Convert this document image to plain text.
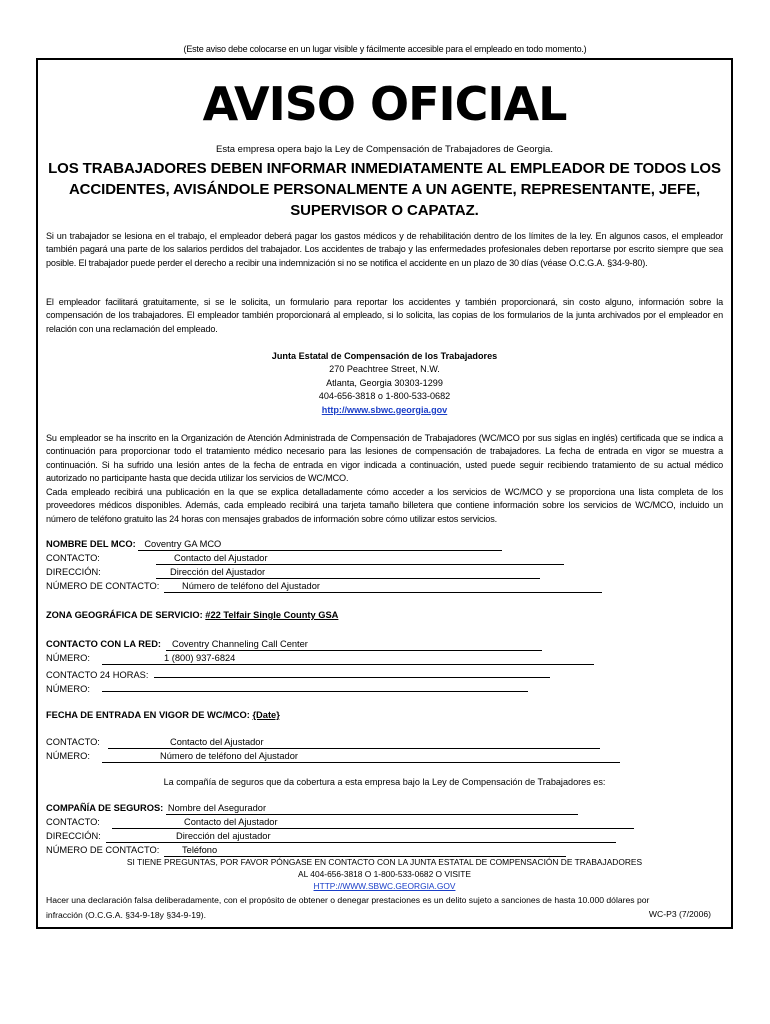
(Este aviso debe colocarse en un lugar visible y fácilmente accesible para el empleado en todo momento.)
AVISO OFICIAL
Esta empresa opera bajo la Ley de Compensación de Trabajadores de Georgia.
LOS TRABAJADORES DEBEN INFORMAR INMEDIATAMENTE AL EMPLEADOR DE TODOS LOS ACCIDENTES, AVISÁNDOLE PERSONALMENTE A UN AGENTE, REPRESENTANTE, JEFE, SUPERVISOR O CAPATAZ.
Si un trabajador se lesiona en el trabajo, el empleador deberá pagar los gastos médicos y de rehabilitación dentro de los límites de la ley. En algunos casos, el empleador también pagará una parte de los salarios perdidos del trabajador. Los accidentes de trabajo y las enfermedades profesionales deben reportarse por escrito siempre que sea posible. El trabajador puede perder el derecho a recibir una indemnización si no se notifica el accidente en un plazo de 30 días (véase O.C.G.A. §34-9-80).
El empleador facilitará gratuitamente, si se le solicita, un formulario para reportar los accidentes y también proporcionará, sin costo alguno, información sobre la compensación de los trabajadores. El empleador también proporcionará al empleado, si lo solicita, las copias de los formularios de la junta archivados por el empleador en relación con una reclamación del empleado.
Junta Estatal de Compensación de los Trabajadores
270 Peachtree Street, N.W.
Atlanta, Georgia 30303-1299
404-656-3818 o 1-800-533-0682
http://www.sbwc.georgia.gov
Su empleador se ha inscrito en la Organización de Atención Administrada de Compensación de Trabajadores (WC/MCO por sus siglas en inglés) certificada que se indica a continuación para proporcionar todo el tratamiento médico necesario para las lesiones de compensación de trabajadores. La fecha de entrada en vigor se muestra a continuación. Si ha sufrido una lesión antes de la fecha de entrada en vigor indicada a continuación, usted puede seguir recibiendo tratamiento de su actual médico autorizado no participante hasta que decida utilizar los servicios de WC/MCO.
Cada empleado recibirá una publicación en la que se explica detalladamente cómo acceder a los servicios de WC/MCO y se proporciona una lista completa de los proveedores médicos disponibles. Además, cada empleado recibirá una tarjeta tamaño billetera que contiene información sobre los servicios de WC/MCO, incluido un número de teléfono gratuito las 24 horas con mensajes grabados de información sobre cómo utilizar estos servicios.
NOMBRE DEL MCO: Coventry GA MCO
CONTACTO:	Contacto del Ajustador
DIRECCIÓN:	Dirección del Ajustador
NÚMERO DE CONTACTO: Número de teléfono del Ajustador
ZONA GEOGRÁFICA DE SERVICIO: #22 Telfair Single County GSA
CONTACTO CON LA RED: Coventry Channeling Call Center
NÚMERO:	1 (800) 937-6824
CONTACTO 24 HORAS:
NÚMERO:
FECHA DE ENTRADA EN VIGOR DE WC/MCO: {Date}
CONTACTO:	Contacto del Ajustador
NÚMERO:	Número de teléfono del Ajustador
La compañía de seguros que da cobertura a esta empresa bajo la Ley de Compensación de Trabajadores es:
COMPAÑÍA DE SEGUROS: Nombre del Asegurador
CONTACTO:	Contacto del Ajustador
DIRECCIÓN:	Dirección del ajustador
NÚMERO DE CONTACTO: Teléfono
SI TIENE PREGUNTAS, POR FAVOR PÓNGASE EN CONTACTO CON LA JUNTA ESTATAL DE COMPENSACIÓN DE TRABAJADORES
AL 404-656-3818 O 1-800-533-0682 O VISITE
HTTP://WWW.SBWC.GEORGIA.GOV
Hacer una declaración falsa deliberadamente, con el propósito de obtener o denegar prestaciones es un delito sujeto a sanciones de hasta 10.000 dólares por
infracción (O.C.G.A. §34-9-18y §34-9-19).	WC-P3 (7/2006)
